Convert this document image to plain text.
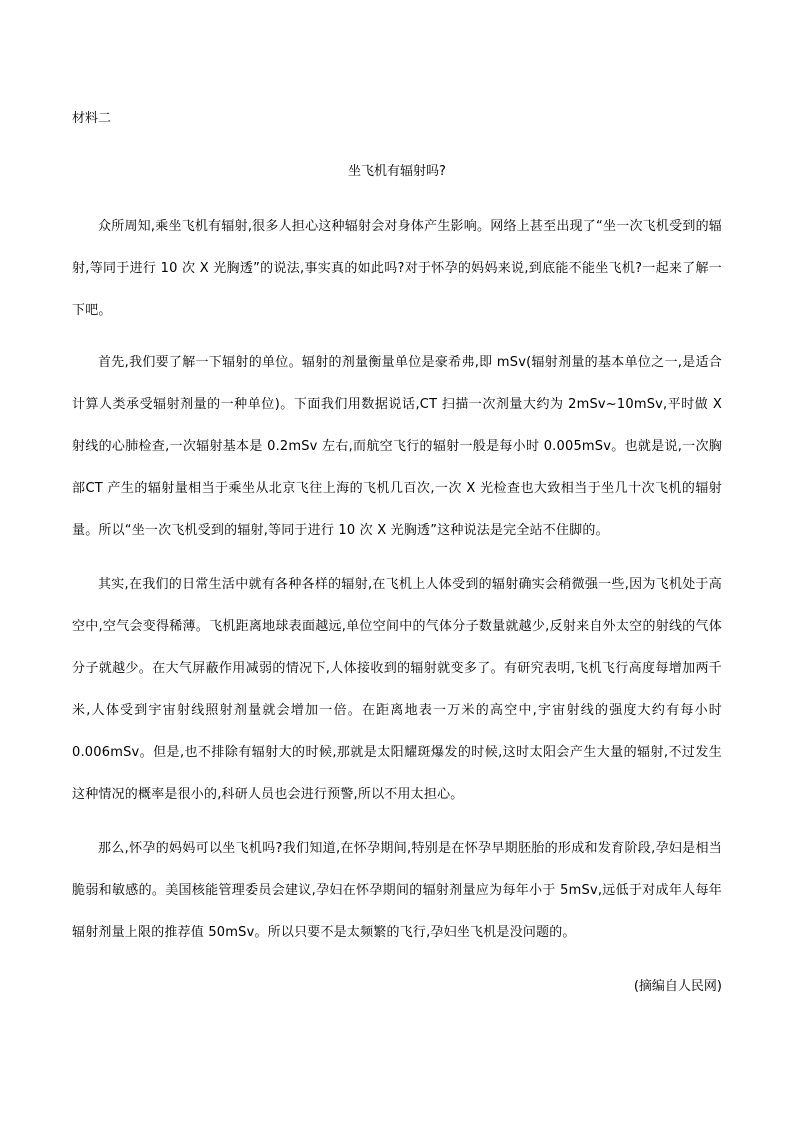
材料二
坐飞机有辐射吗?

众所周知,乘坐飞机有辐射,很多人担心这种辐射会对身体产生影响。网络上甚至出现了“坐一次飞机受到的辐射,等同于进行 10 次 X 光胸透”的说法,事实真的如此吗?对于怀孕的妈妈来说,到底能不能坐飞机?一起来了解一下吧。

首先,我们要了解一下辐射的单位。辐射的剂量衡量单位是豪希弗,即 mSv(辐射剂量的基本单位之一,是适合计算人类承受辐射剂量的一种单位)。下面我们用数据说话,CT 扫描一次剂量大约为 2mSv~10mSv,平时做 X 射线的心肺检查,一次辐射基本是 0.2mSv 左右,而航空飞行的辐射一般是每小时 0.005mSv。也就是说,一次胸部CT 产生的辐射量相当于乘坐从北京飞往上海的飞机几百次,一次 X 光检查也大致相当于坐几十次飞机的辐射量。所以“坐一次飞机受到的辐射,等同于进行 10 次 X 光胸透”这种说法是完全站不住脚的。

其实,在我们的日常生活中就有各种各样的辐射,在飞机上人体受到的辐射确实会稍微强一些,因为飞机处于高空中,空气会变得稀薄。飞机距离地球表面越远,单位空间中的气体分子数量就越少,反射来自外太空的射线的气体分子就越少。在大气屏蔽作用减弱的情况下,人体接收到的辐射就变多了。有研究表明,飞机飞行高度每增加两千米,人体受到宇宙射线照射剂量就会增加一倍。在距离地表一万米的高空中,宇宙射线的强度大约有每小时 0.006mSv。但是,也不排除有辐射大的时候,那就是太阳耀斑爆发的时候,这时太阳会产生大量的辐射,不过发生这种情况的概率是很小的,科研人员也会进行预警,所以不用太担心。

那么,怀孕的妈妈可以坐飞机吗?我们知道,在怀孕期间,特别是在怀孕早期胚胎的形成和发育阶段,孕妇是相当脆弱和敏感的。美国核能管理委员会建议,孕妇在怀孕期间的辐射剂量应为每年小于 5mSv,远低于对成年人每年辐射剂量上限的推荐值 50mSv。所以只要不是太频繁的飞行,孕妇坐飞机是没问题的。

(摘编自人民网)
